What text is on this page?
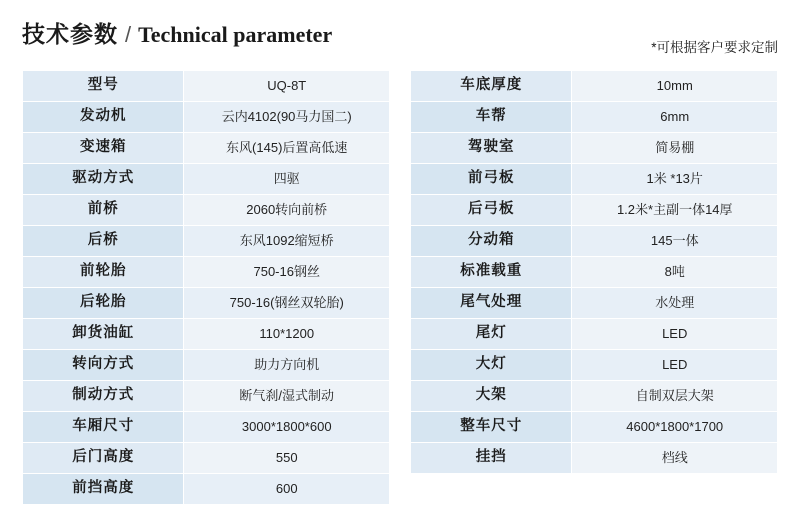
技术参数 / Technical parameter
*可根据客户要求定制
型号	UQ-8T
发动机	云内4102(90马力国二)
变速箱	东风(145)后置高低速
驱动方式	四驱
前桥	2060转向前桥
后桥	东风1092缩短桥
前轮胎	750-16钢丝
后轮胎	750-16(钢丝双轮胎)
卸货油缸	110*1200
转向方式	助力方向机
制动方式	断气刹/湿式制动
车厢尺寸	3000*1800*600
后门高度	550
前挡高度	600
车底厚度	10mm
车帮	6mm
驾驶室	简易棚
前弓板	1米 *13片
后弓板	1.2米*主副一体14厚
分动箱	145一体
标准载重	8吨
尾气处理	水处理
尾灯	LED
大灯	LED
大架	自制双层大架
整车尺寸	4600*1800*1700
挂挡	档线
